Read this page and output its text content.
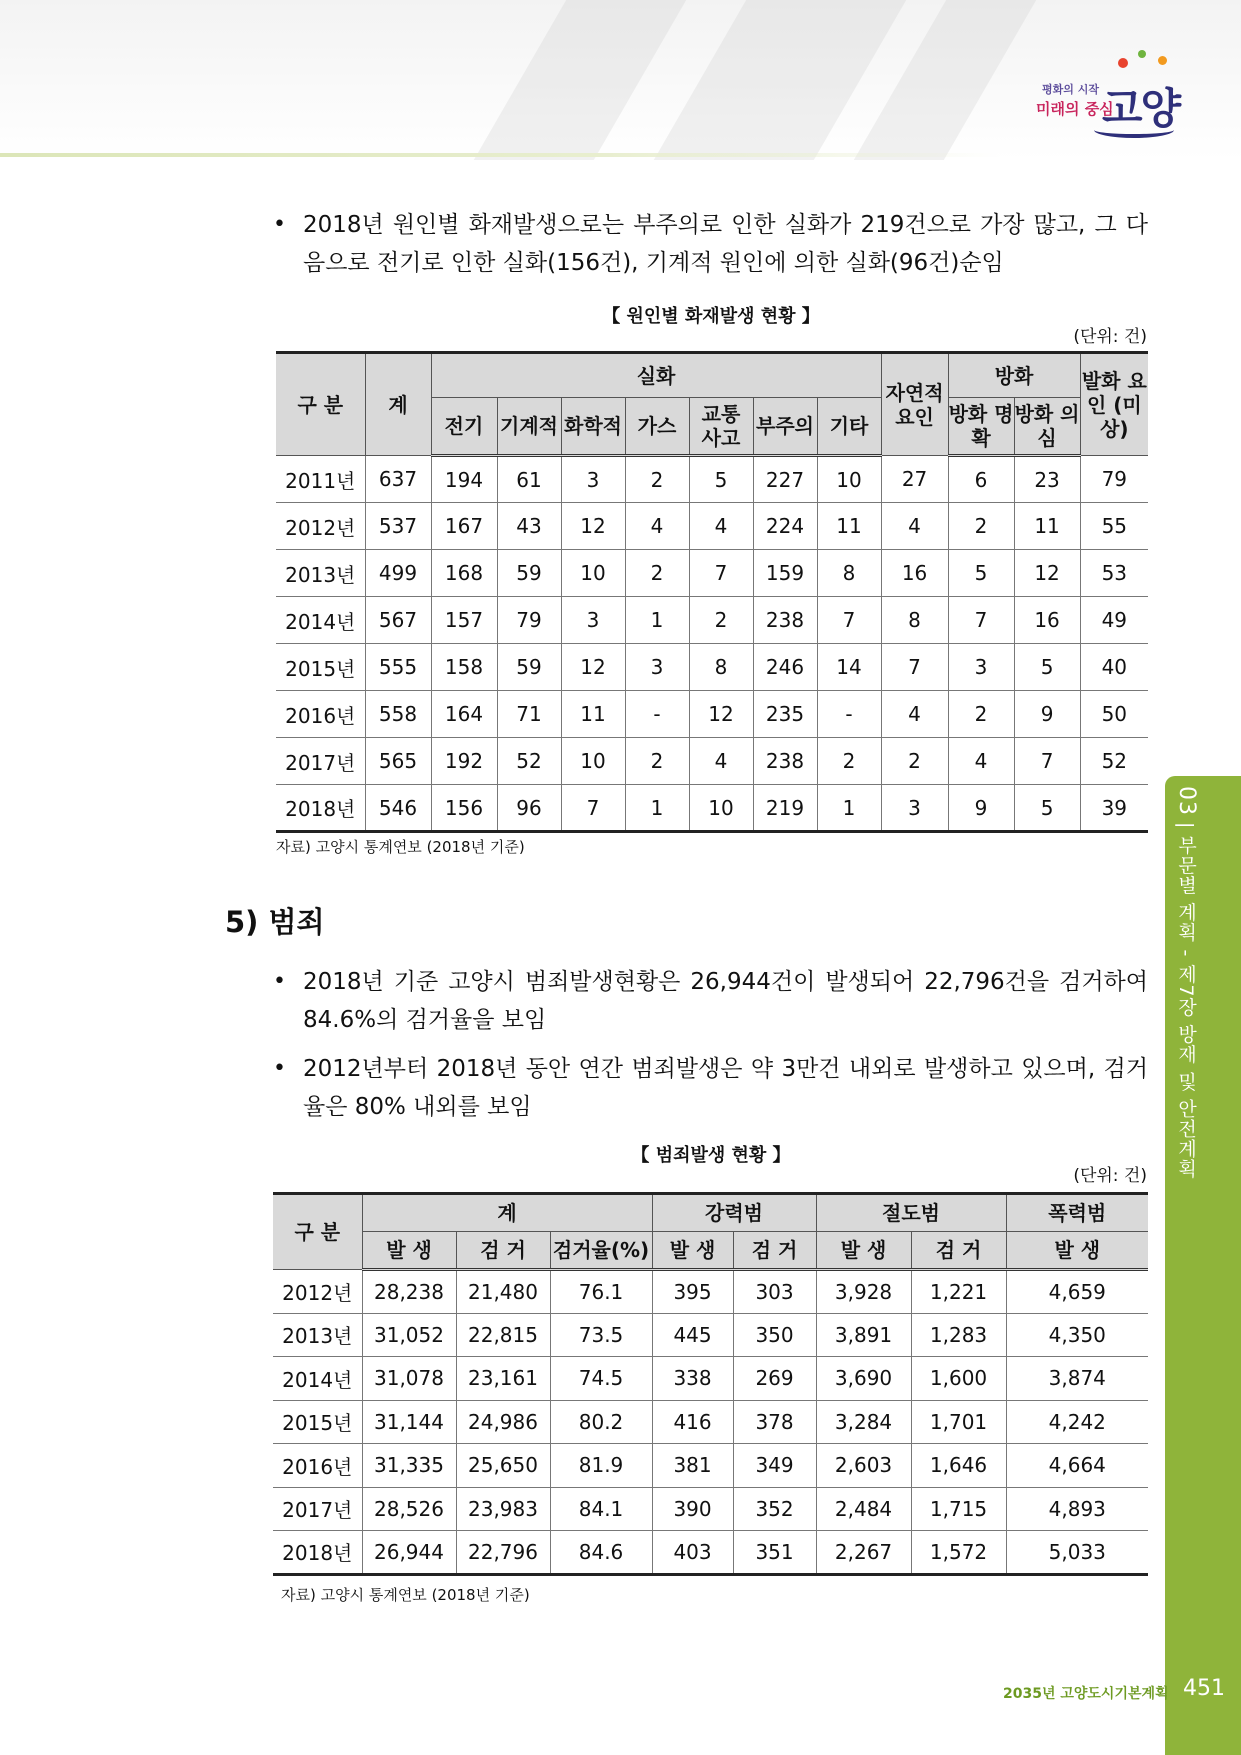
평화의 시작
미래의 중심
고양
03|부문별 계획 - 제7장 방재 및 안전계획
• 2018년 원인별 화재발생으로는 부주의로 인한 실화가 219건으로 가장 많고, 그 다음으로 전기로 인한 실화(156건), 기계적 원인에 의한 실화(96건)순임
【 원인별 화재발생 현황 】
(단위: 건)
구 분	계	실화							자연적 요인	방화		발화 요인 (미상)
		전기	기계적	화학적	가스	교통 사고	부주의	기타		방화 명확	방화 의심	
2011년	637	194	61	3	2	5	227	10	27	6	23	79
2012년	537	167	43	12	4	4	224	11	4	2	11	55
2013년	499	168	59	10	2	7	159	8	16	5	12	53
2014년	567	157	79	3	1	2	238	7	8	7	16	49
2015년	555	158	59	12	3	8	246	14	7	3	5	40
2016년	558	164	71	11	-	12	235	-	4	2	9	50
2017년	565	192	52	10	2	4	238	2	2	4	7	52
2018년	546	156	96	7	1	10	219	1	3	9	5	39
자료) 고양시 통계연보 (2018년 기준)
5) 범죄
• 2018년 기준 고양시 범죄발생현황은 26,944건이 발생되어 22,796건을 검거하여 84.6%의 검거율을 보임
• 2012년부터 2018년 동안 연간 범죄발생은 약 3만건 내외로 발생하고 있으며, 검거율은 80% 내외를 보임
【 범죄발생 현황 】
(단위: 건)
구 분	계			강력범		절도범		폭력범
	발 생	검 거	검거율(%)	발 생	검 거	발 생	검 거	발 생
2012년	28,238	21,480	76.1	395	303	3,928	1,221	4,659
2013년	31,052	22,815	73.5	445	350	3,891	1,283	4,350
2014년	31,078	23,161	74.5	338	269	3,690	1,600	3,874
2015년	31,144	24,986	80.2	416	378	3,284	1,701	4,242
2016년	31,335	25,650	81.9	381	349	2,603	1,646	4,664
2017년	28,526	23,983	84.1	390	352	2,484	1,715	4,893
2018년	26,944	22,796	84.6	403	351	2,267	1,572	5,033
자료) 고양시 통계연보 (2018년 기준)
2035년 고양도시기본계획 451
